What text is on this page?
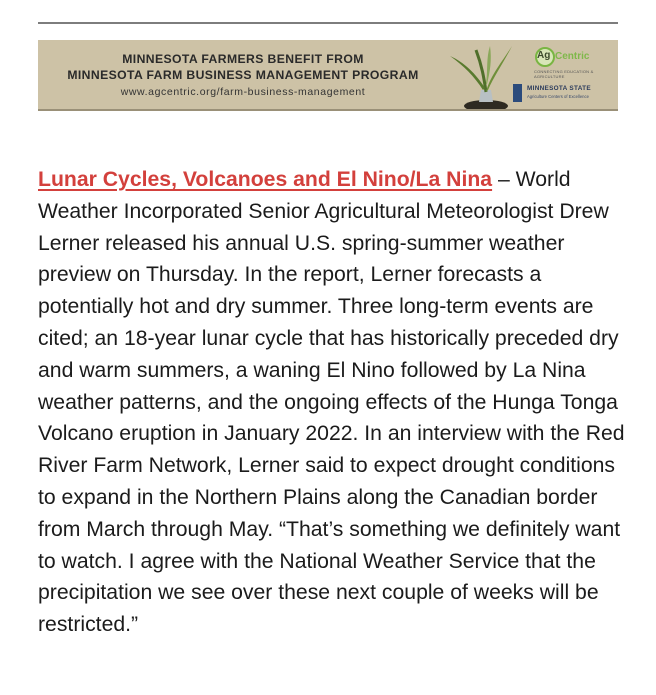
MINNESOTA FARMERS BENEFIT FROM
MINNESOTA FARM BUSINESS MANAGEMENT PROGRAM
www.agcentric.org/farm-business-management
Ag Centric
CONNECTING EDUCATION & AGRICULTURE
MINNESOTA STATE
Agriculture Centers of Excellence

Lunar Cycles, Volcanoes and El Nino/La Nina – World Weather Incorporated Senior Agricultural Meteorologist Drew Lerner released his annual U.S. spring-summer weather preview on Thursday. In the report, Lerner forecasts a potentially hot and dry summer. Three long-term events are cited; an 18-year lunar cycle that has historically preceded dry and warm summers, a waning El Nino followed by La Nina weather patterns, and the ongoing effects of the Hunga Tonga Volcano eruption in January 2022. In an interview with the Red River Farm Network, Lerner said to expect drought conditions to expand in the Northern Plains along the Canadian border from March through May. “That’s something we definitely want to watch. I agree with the National Weather Service that the precipitation we see over these next couple of weeks will be restricted.”
